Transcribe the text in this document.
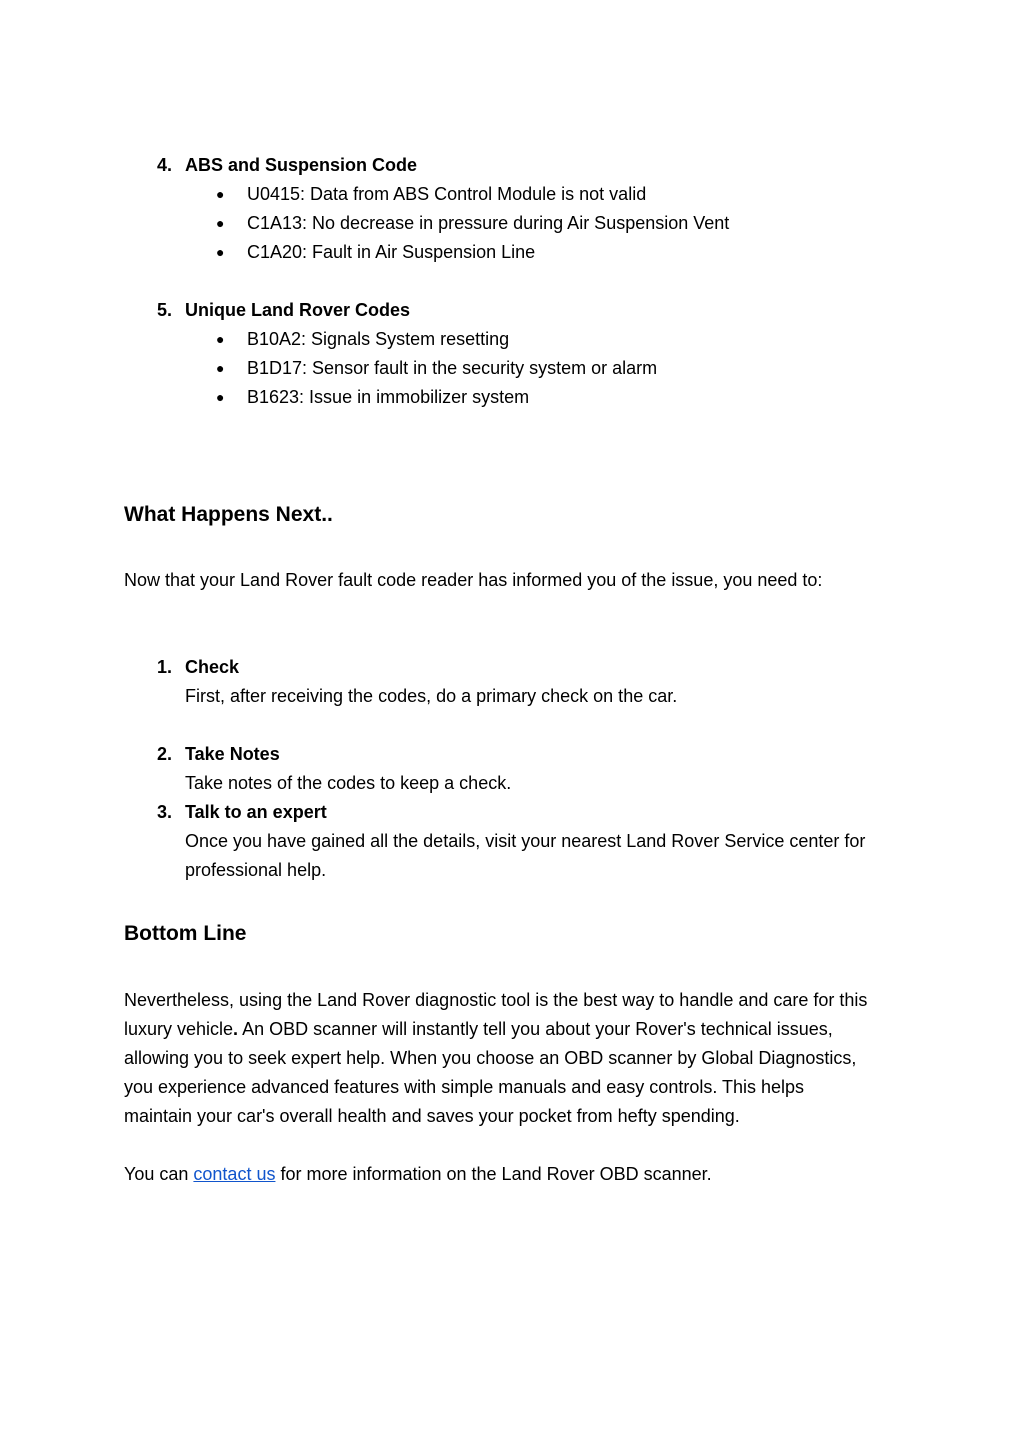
4. ABS and Suspension Code
● U0415: Data from ABS Control Module is not valid
● C1A13: No decrease in pressure during Air Suspension Vent
● C1A20: Fault in Air Suspension Line
5. Unique Land Rover Codes
● B10A2: Signals System resetting
● B1D17: Sensor fault in the security system or alarm
● B1623: Issue in immobilizer system
What Happens Next..
Now that your Land Rover fault code reader has informed you of the issue, you need to:
1. Check
First, after receiving the codes, do a primary check on the car.
2. Take Notes
Take notes of the codes to keep a check.
3. Talk to an expert
Once you have gained all the details, visit your nearest Land Rover Service center for
professional help.
Bottom Line
Nevertheless, using the Land Rover diagnostic tool is the best way to handle and care for this
luxury vehicle. An OBD scanner will instantly tell you about your Rover's technical issues,
allowing you to seek expert help. When you choose an OBD scanner by Global Diagnostics,
you experience advanced features with simple manuals and easy controls. This helps
maintain your car's overall health and saves your pocket from hefty spending.
You can contact us for more information on the Land Rover OBD scanner.
